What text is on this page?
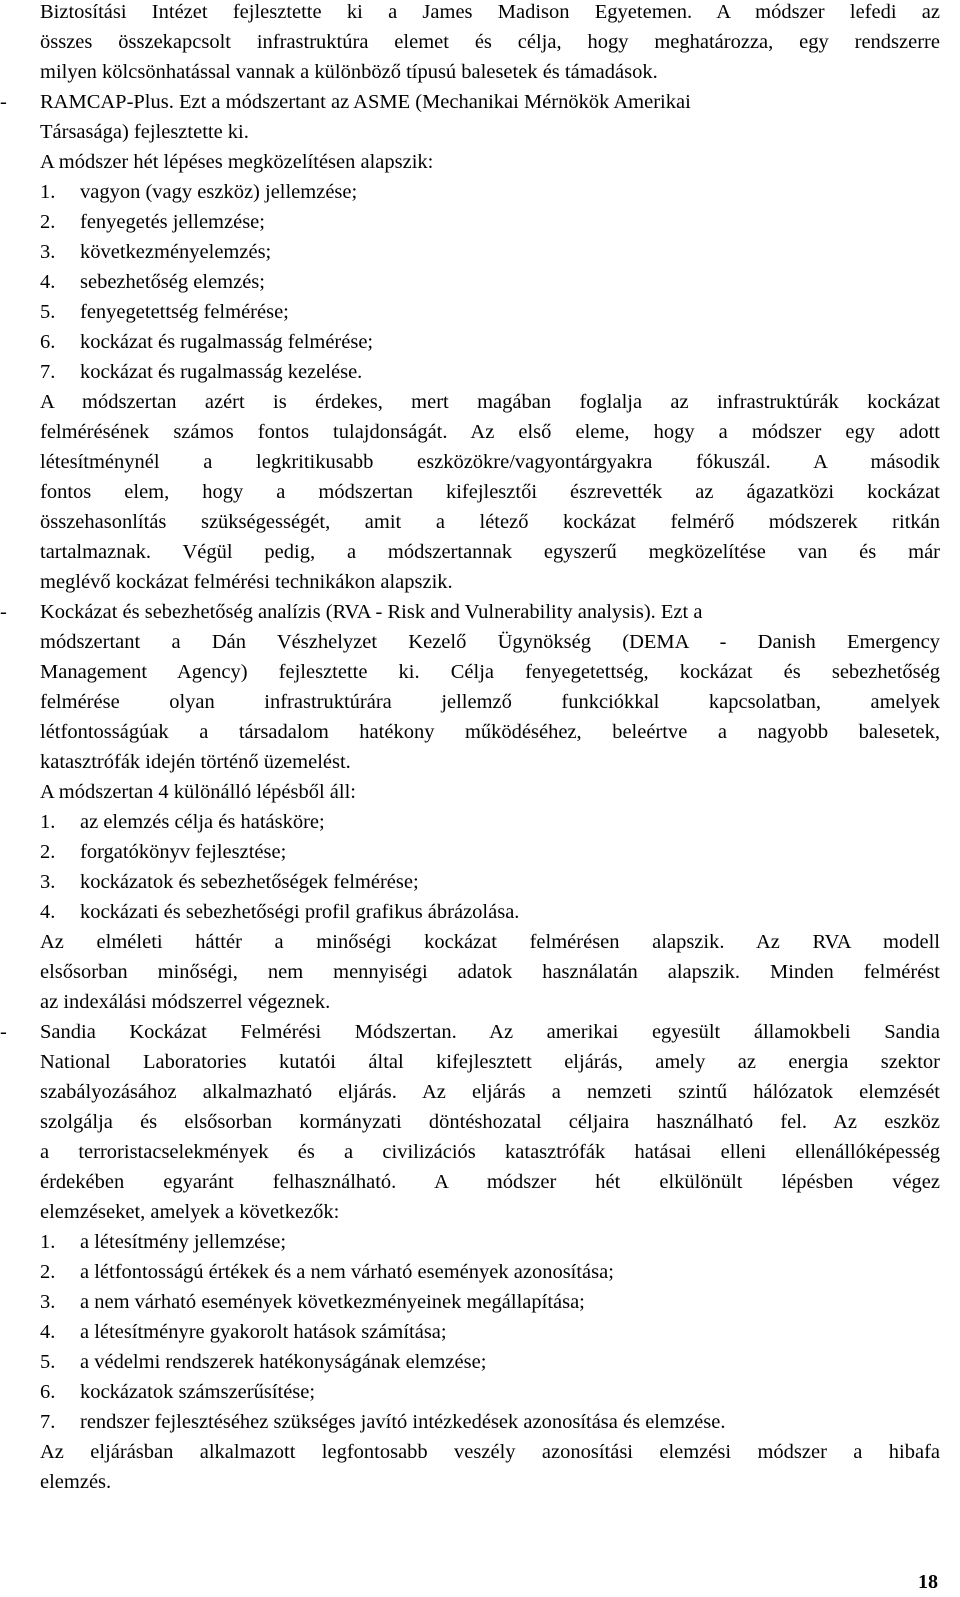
Biztosítási Intézet fejlesztette ki a James Madison Egyetemen. A módszer lefedi az
összes összekapcsolt infrastruktúra elemet és célja, hogy meghatározza, egy rendszerre
milyen kölcsönhatással vannak a különböző típusú balesetek és támadások.
- RAMCAP-Plus. Ezt a módszertant az ASME (Mechanikai Mérnökök Amerikai
Társasága) fejlesztette ki.
A módszer hét lépéses megközelítésen alapszik:
1. vagyon (vagy eszköz) jellemzése;
2. fenyegetés jellemzése;
3. következményelemzés;
4. sebezhetőség elemzés;
5. fenyegetettség felmérése;
6. kockázat és rugalmasság felmérése;
7. kockázat és rugalmasság kezelése.
A módszertan azért is érdekes, mert magában foglalja az infrastruktúrák kockázat
felmérésének számos fontos tulajdonságát. Az első eleme, hogy a módszer egy adott
létesítménynél a legkritikusabb eszközökre/vagyontárgyakra fókuszál. A második
fontos elem, hogy a módszertan kifejlesztői észrevették az ágazatközi kockázat
összehasonlítás szükségességét, amit a létező kockázat felmérő módszerek ritkán
tartalmaznak. Végül pedig, a módszertannak egyszerű megközelítése van és már
meglévő kockázat felmérési technikákon alapszik.
- Kockázat és sebezhetőség analízis (RVA - Risk and Vulnerability analysis). Ezt a
módszertant a Dán Vészhelyzet Kezelő Ügynökség (DEMA - Danish Emergency
Management Agency) fejlesztette ki. Célja fenyegetettség, kockázat és sebezhetőség
felmérése olyan infrastruktúrára jellemző funkciókkal kapcsolatban, amelyek
létfontosságúak a társadalom hatékony működéséhez, beleértve a nagyobb balesetek,
katasztrófák idején történő üzemelést.
A módszertan 4 különálló lépésből áll:
1. az elemzés célja és hatásköre;
2. forgatókönyv fejlesztése;
3. kockázatok és sebezhetőségek felmérése;
4. kockázati és sebezhetőségi profil grafikus ábrázolása.
Az elméleti háttér a minőségi kockázat felmérésen alapszik. Az RVA modell
elsősorban minőségi, nem mennyiségi adatok használatán alapszik. Minden felmérést
az indexálási módszerrel végeznek.
- Sandia Kockázat Felmérési Módszertan. Az amerikai egyesült államokbeli Sandia
National Laboratories kutatói által kifejlesztett eljárás, amely az energia szektor
szabályozásához alkalmazható eljárás. Az eljárás a nemzeti szintű hálózatok elemzését
szolgálja és elsősorban kormányzati döntéshozatal céljaira használható fel. Az eszköz
a terroristacselekmények és a civilizációs katasztrófák hatásai elleni ellenállóképesség
érdekében egyaránt felhasználható. A módszer hét elkülönült lépésben végez
elemzéseket, amelyek a következők:
1. a létesítmény jellemzése;
2. a létfontosságú értékek és a nem várható események azonosítása;
3. a nem várható események következményeinek megállapítása;
4. a létesítményre gyakorolt hatások számítása;
5. a védelmi rendszerek hatékonyságának elemzése;
6. kockázatok számszerűsítése;
7. rendszer fejlesztéséhez szükséges javító intézkedések azonosítása és elemzése.
Az eljárásban alkalmazott legfontosabb veszély azonosítási elemzési módszer a hibafa
elemzés.
18
